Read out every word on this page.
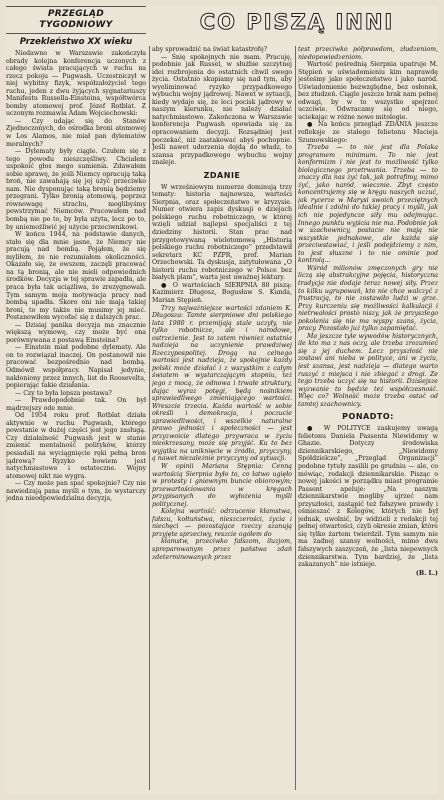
CO PISZĄ INNI
PRZEGLĄD
TYGODNIOWY
Przekleństwo XX wieku

Niedawno w Warszawie zakończyła obrady kolejna konferencja uczonych z całego świata pracujących w ruchu na rzecz pokoju — Pugwash. Uczestniczył w niej wybitny fizyk, współzałożyciel tego ruchu, jeden z dwu żyjących sygnatariuszy Manifestu Russella-Einsteina, współtwórca bomby atomowej prof. Józef Rotblat. Z uczonym rozmawia Adam Wojciechowski:

— Czy udając się do Stanów Zjednoczonych, do ośrodka broni atomowej w Los Alamos, nie miał pan dylematów moralnych?

— Dylematy były ciągle. Czułem się z tego powodu nieszczęśliwy. Chciałem uspokoić głos mego sumienia. Zdawałem sobie sprawę, że jeśli Niemcy opracują taką broń, nie zawahają się jej użyć przeciwko nam. Nie dysponując taką bronią będziemy przegrani. Tylko bronią atomową, poprzez równowagę strachu, moglibyśmy powstrzymać Niemców. Pracowałem nad bombą nie po to, by była użyta, lecz po to, by uniemożliwić jej użycie przeciwnikowi.

W końcu 1944, na podstawie danych, stało się dla mnie jasne, że Niemcy nie pracują nad bombą. Pojąłem, że się myliłem, że nie rozumiałem okoliczności. Okazało się, że owszem, zaczęli pracować na tą bronią, ale nie mieli odpowiednich środków. Decyzja w tej sprawie zapadła, ale praca była tak uciążliwa, że zrezygnowali. Tym samym moja motywacja pracy nad bombą upadła. Skoro oni nie mają takiej broni, to my także nie musimy jej mieć. Postanowiłem wycofać się z dalszych prac.

— Dzisiaj panika decyzja ma znacznie większą wymowę, czy może być ona porównywana z postawą Einsteina?

— Einstein miał podobne dylematy. Ale on to rozwiązał inaczej. On postanowił nie pracować bezpośrednio nad bombą. Odmówił współpracy. Napisał jedynie, nakłoniony przez innych, list do Roosevelta, popierając takie działania.

— Czy to była lepsza postawa?

— Prawdopodobnie tak. On był mądrzejszy ode mnie.

Od 1954 roku prof. Rotblat działa aktywnie w ruchu Pugwash, którego powstanie w dużej części jest jego zasługą. Czy działalność Pugwash jest w stanie zmienić mentalność polityków, którzy posiadali na wyciągnięcie ręki pełną bron jądrową? Ryzyko bowiem jest natychmiastowe i ostateczne. Wojny atomowej nikt nie wygra.

— Czy może pan spać spokojnie? Czy nie nawiedzają pana myśli o tym, że wystarczy jedna nieodpowiedzialna decyzja,

aby sprowadzić na świat katastrofę?

— Śnię spokojnych nie mam. Pracuję, podobnie jak Russel, w służbie szczytnej idei rozbrojenia do ostatnich chwil swego życia. Ostatnio skupiamy się nad tym, aby wyeliminować ryzyko przypadkowego wybuchu wojny jądrowej. Nawet w sytuacji, kiedy wydaje się, że leci pocisk jądrowy w naszym kierunku, nie należy działać natychmiastowo. Zakończona w Warszawie konferencja Pugwash opowiada się za opracowaniem decyzji. Rozsądniej jest poczekać, niż zaatakować abyś pochopnie. Jeśli nawet uderzenia dojdą do władz, to szansa przypadkowego wybuchu wojny znaleje.

ZDANIE

W wrześniowym numerze dominują trzy tematy: historia najnowsza, wartości Sierpnia, oraz społeczeństwo w kryzysie. Numer otwiera zapis dyskusji o dziejach polskiego ruchu robotniczego, w której wzięli udział najlepsi specjaliści z tej dziedziny historii. Stan prac nad przygotowywaną wielotomową „Historią polskiego ruchu robotniczego” przedstawił sekretarz KC PZPR, prof. Marian Orzechowski. Ta dyskusja, zatytułowana „O historii ruchu robotniczego w Polsce bez białych plam”, warta jest uważnej lektury.

● O wartościach SIERPNIA 80 piszą: Kazimierz Długosz, Bogusław S. Kunda, Marian Stępień.

Trzy najważniejsze wartości zdaniem K. Długosza: Tamte sierpniowe dni polskiego lata 1980 r. przemijają stale uczyły, nie tylko robotnicze, ale i narodowe, ostrzeżenie. Jest to zatem również ostatnia nadzieja na uczynienie prawdziwej Rzeczypospolitej. Drogą na celnego wartości jest nadzieja, że spokojnie każdy polski może działać i z wszystkim z całym światem w wystarczającym stopniu, też jego z mocą, że odnowa i trwałe struktury, dając wyraz potęgi, będą nośnikiem sprawiedliwego zmieniającego wartości. Wreszcie trzecia. Każda wartość w sobie określi i demokracja, i poczucie sprawiedliwości, i wszelkie naturalne prawo jedności i społeczności — jest przyzwoicie dlatego przywraca w życiu nieokrzesany, może się przyjść. Ku to bez wyjątku na uniknięcie w źródła, przyczyny, ą nawet niezależnie przyczyny od sytuacji.

W opinii Mariana Stępnia: Cenną wartością Sierpnia było to, co łatwo ugięło w protesty i gniewnym buncie obiorowym; przewartościowania w kręgach przypisanych do wyłożenia myśli politycznej.

Kolejna wartość: odrzucenie kłamstwa, fałszu, kołtuństwa, nieszczerości, życia i niechęci — pozostające rzeczy szanują przyjęte sprzeciwy, reszcie ogółem do

kłamstw, przeciwko fałszom, iluzjom, spreparowanym przez państwa zdań zdeterminowanych przez

test przeciwko półprawdom, złudzeniom, niedopowiedzeniom.

Wartość pośrednią Sierpnia upatruje M. Stępień w uświadomieniu kim naprawdę jesteśmy jako społeczeństwo i jako naród. Uświadomienie bezwzględne, bez osłonek, bez złudzeń. Ciągle jeszcze brak nam pełnej odwagi, by w to wszystko spojrzeć uczciwie. Odwracamy się od niego, uciekając w różne nowe mitologie.

● Na końcu przegląd ZDANIA jeszcze refleksje ze stałego felietonu Macieja Szumowskiego:

Trzeba — to nie jest dla Polaka programem minimum. To nie jest konformizm i nie jest to możliwość tylko biologicznego przetrwania. Trzeba — to znaczy dla nas żyć tak, jak potrafimy, mimo żyć, jako naród, wiecznie. Zbyt często koncentrujemy się w kręgu naszych uczuć, jak rycerze w Marysi swoich przeciętnych idealnie i zdolni do takiej pracy i myśli, jak ich nie pojedyncze siły mu odejmując. Innego punktu wyjścia nie ma. Podobnie jak w szachownicy, postacie nie mają nie wszystkie jednakowe, ale każda się przeciwstawiać, i jeśli podejdziemy z nim, to jest słuszne i to nie ominie pod kontrolą...

Wśród milionów zmęczonych gry nie liczą się abstrakcyjne pojęcia, historyczna tradycja nie dodaje teraz nowej siły. Przez to kilku ugrupowań, kto nie chce walczyć z frustracją, to nie zostawiło ludzi w grze. Przy kurczeniu się możliwości kalkulacji i nietrwałości prosto niszy, jak że przyszłego pokolenia się nie ma wyspy szans, życia, pracy. Pozostało już tylko zapamiętać.

Ma jeszcze tyle wywodów historycznych, ile kto ma z nas oczy, ale trzeba zrozumieć się z jej duchem. Lecz przyszłość nie zostawi ani nieba w polityce, ani w życiu, jest szansa, jest nadzieja — dlatego warto ruszyć z miejsca i nie zbiegać z drogi. Ze tego trzeba uczyć się na historii. Dzisiejsze wyzwanie to będzie też współczesność. Więc co? Wolność może trzeba ostać od tamtej szachownicy.

PONADTO:

● W POLITYCE zaskujemy uwagą felietonu Daniela Passenta Niewidomy w Ghazie. Dotyczy środowiska dziennikarskiego, „Niewidomy Spółdzielcze”, „Przegląd Organizacji” podobne tytuły zasilili po grudniu — ale, co mówiąc, redakcji dziennikarskie. Pisząc o nowej jakości w porządku miast programie Passent apeluje: „Na naszym dziennikarstwie mogliby ujrzeć nam przyszłości, zastąpić też fałszywe prawdy i ośmieszać z Kolegów, których nie był jednak, uwolnić, by widzieli z redakcji tej pełnej otwartości, czyli okresie zmian, które się tylko żartem twierdził. Tym samym nie ma żadnej szansy wolności, mimo dwu fałszywych zaszyczeń, że „lista niepewnych dziennikarstwa. Tym bardziej, że „lista zakazanych” nie istnieje.

(B. L.)
